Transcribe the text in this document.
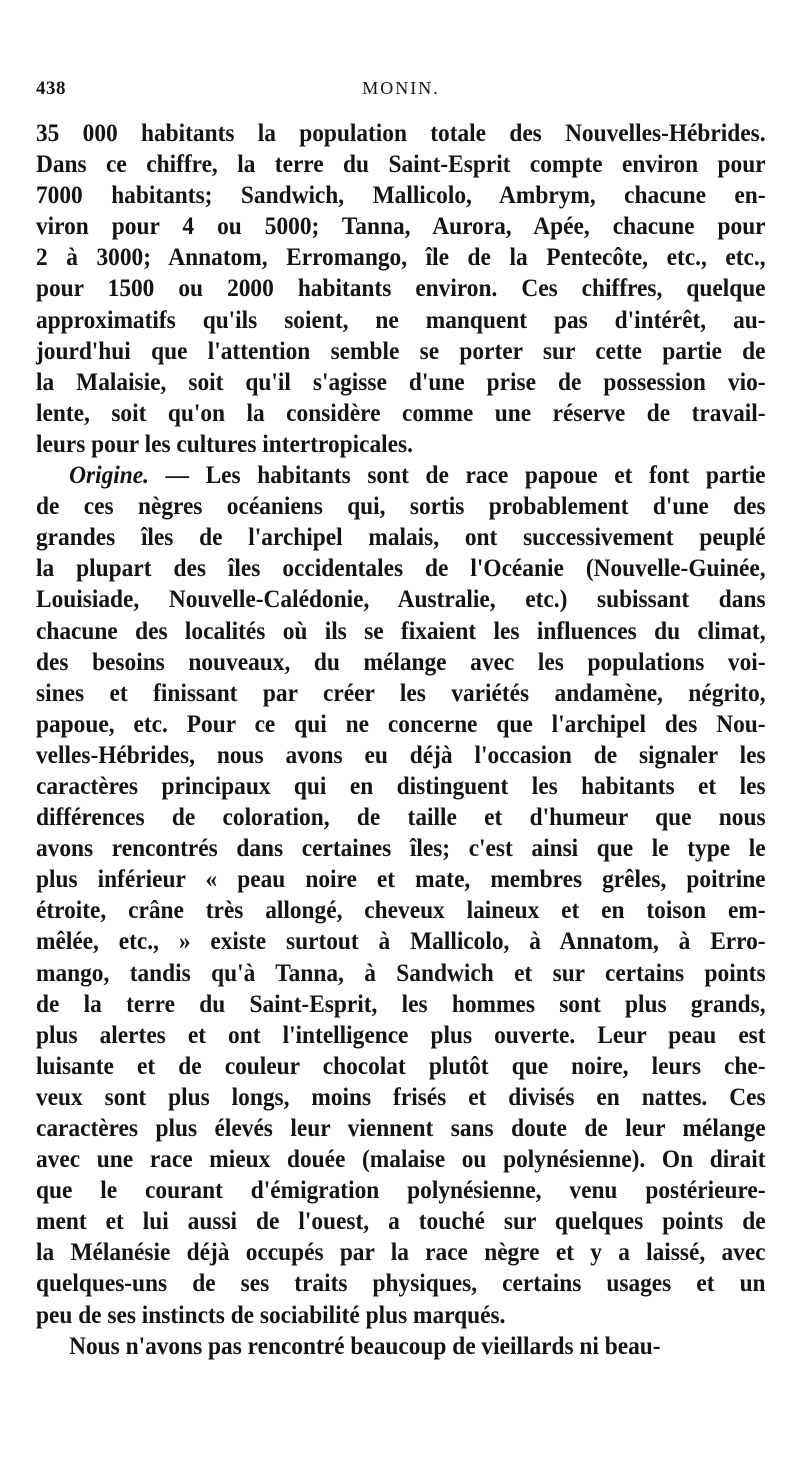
438	MONIN.
35 000 habitants la population totale des Nouvelles-Hébrides.
Dans ce chiffre, la terre du Saint-Esprit compte environ pour
7000 habitants; Sandwich, Mallicolo, Ambrym, chacune en-
viron pour 4 ou 5000; Tanna, Aurora, Apée, chacune pour
2 à 3000; Annatom, Erromango, île de la Pentecôte, etc., etc.,
pour 1500 ou 2000 habitants environ. Ces chiffres, quelque
approximatifs qu'ils soient, ne manquent pas d'intérêt, au-
jourd'hui que l'attention semble se porter sur cette partie de
la Malaisie, soit qu'il s'agisse d'une prise de possession vio-
lente, soit qu'on la considère comme une réserve de travail-
leurs pour les cultures intertropicales.
Origine. — Les habitants sont de race papoue et font partie
de ces nègres océaniens qui, sortis probablement d'une des
grandes îles de l'archipel malais, ont successivement peuplé
la plupart des îles occidentales de l'Océanie (Nouvelle-Guinée,
Louisiade, Nouvelle-Calédonie, Australie, etc.) subissant dans
chacune des localités où ils se fixaient les influences du climat,
des besoins nouveaux, du mélange avec les populations voi-
sines et finissant par créer les variétés andamène, négrito,
papoue, etc. Pour ce qui ne concerne que l'archipel des Nou-
velles-Hébrides, nous avons eu déjà l'occasion de signaler les
caractères principaux qui en distinguent les habitants et les
différences de coloration, de taille et d'humeur que nous
avons rencontrés dans certaines îles; c'est ainsi que le type le
plus inférieur « peau noire et mate, membres grêles, poitrine
étroite, crâne très allongé, cheveux laineux et en toison em-
mêlée, etc., » existe surtout à Mallicolo, à Annatom, à Erro-
mango, tandis qu'à Tanna, à Sandwich et sur certains points
de la terre du Saint-Esprit, les hommes sont plus grands,
plus alertes et ont l'intelligence plus ouverte. Leur peau est
luisante et de couleur chocolat plutôt que noire, leurs che-
veux sont plus longs, moins frisés et divisés en nattes. Ces
caractères plus élevés leur viennent sans doute de leur mélange
avec une race mieux douée (malaise ou polynésienne). On dirait
que le courant d'émigration polynésienne, venu postérieure-
ment et lui aussi de l'ouest, a touché sur quelques points de
la Mélanésie déjà occupés par la race nègre et y a laissé, avec
quelques-uns de ses traits physiques, certains usages et un
peu de ses instincts de sociabilité plus marqués.
Nous n'avons pas rencontré beaucoup de vieillards ni beau-
